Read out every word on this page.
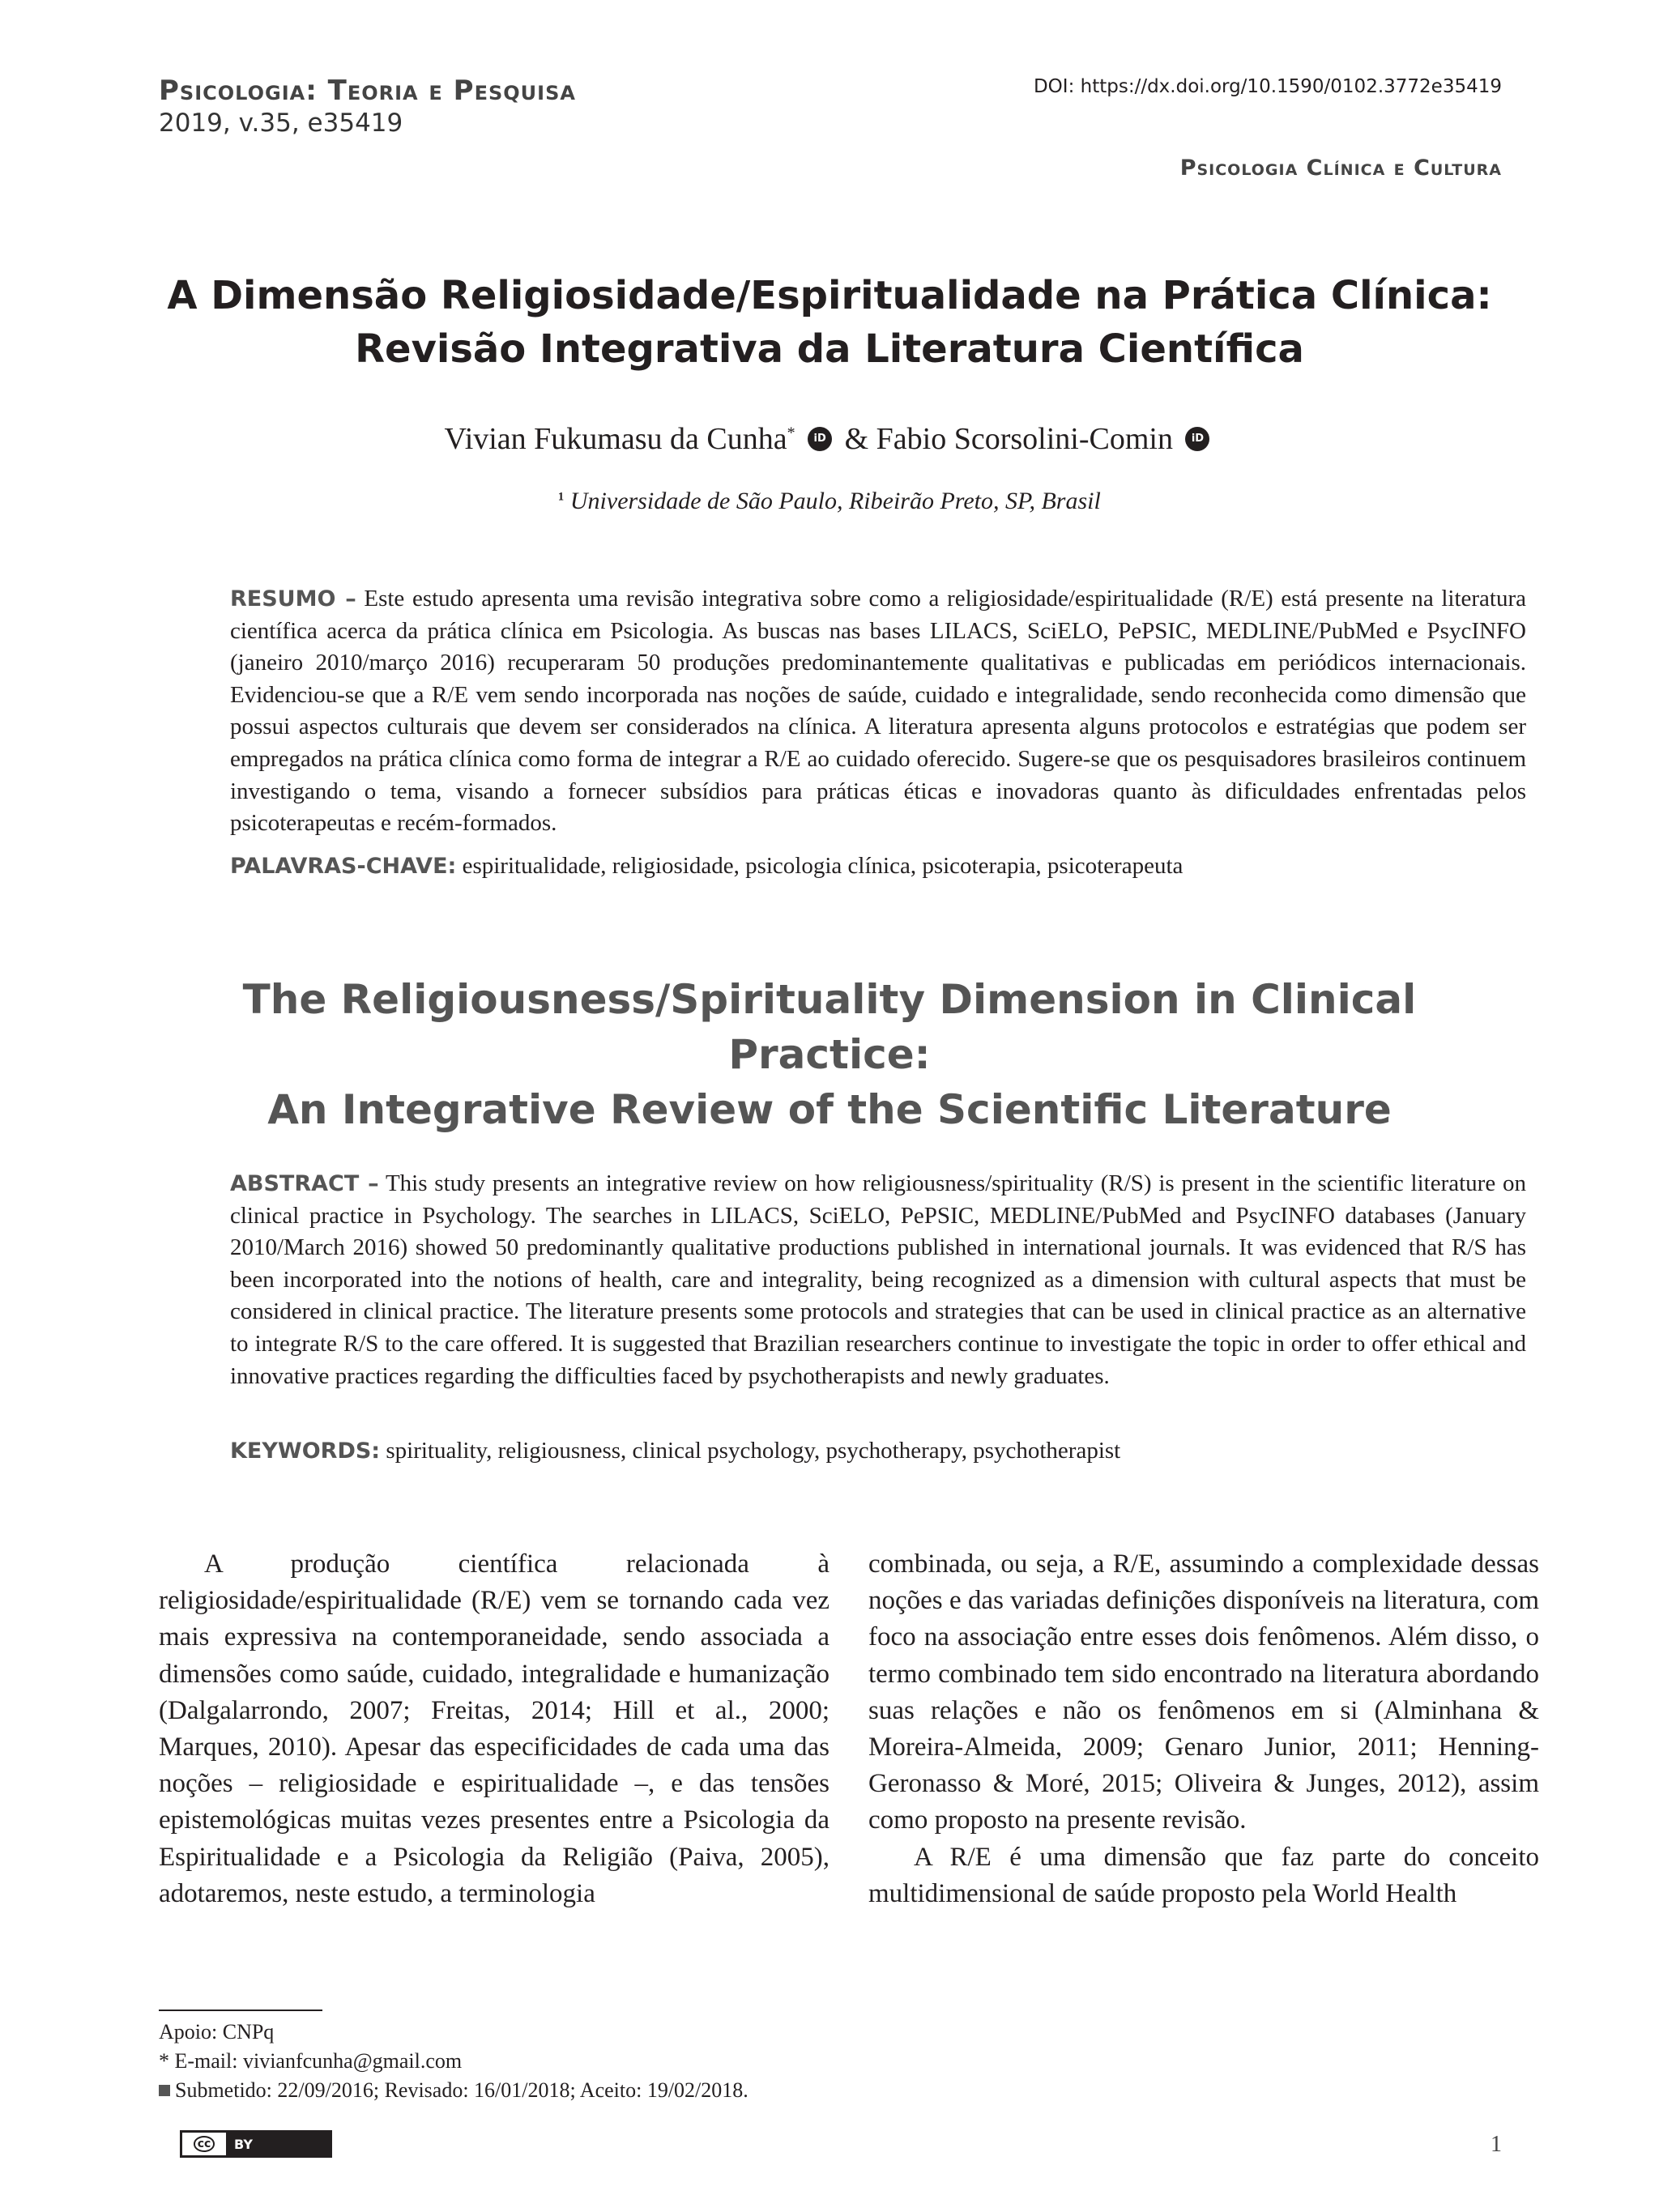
Psicologia: Teoria e Pesquisa
2019, v.35, e35419
DOI: https://dx.doi.org/10.1590/0102.3772e35419
Psicologia Clínica e Cultura
A Dimensão Religiosidade/Espiritualidade na Prática Clínica:
Revisão Integrativa da Literatura Científica
Vivian Fukumasu da Cunha* iD & Fabio Scorsolini-Comin iD
¹ Universidade de São Paulo, Ribeirão Preto, SP, Brasil
RESUMO – Este estudo apresenta uma revisão integrativa sobre como a religiosidade/espiritualidade (R/E) está presente na literatura científica acerca da prática clínica em Psicologia. As buscas nas bases LILACS, SciELO, PePSIC, MEDLINE/PubMed e PsycINFO (janeiro 2010/março 2016) recuperaram 50 produções predominantemente qualitativas e publicadas em periódicos internacionais. Evidenciou-se que a R/E vem sendo incorporada nas noções de saúde, cuidado e integralidade, sendo reconhecida como dimensão que possui aspectos culturais que devem ser considerados na clínica. A literatura apresenta alguns protocolos e estratégias que podem ser empregados na prática clínica como forma de integrar a R/E ao cuidado oferecido. Sugere-se que os pesquisadores brasileiros continuem investigando o tema, visando a fornecer subsídios para práticas éticas e inovadoras quanto às dificuldades enfrentadas pelos psicoterapeutas e recém-formados.
PALAVRAS-CHAVE: espiritualidade, religiosidade, psicologia clínica, psicoterapia, psicoterapeuta
The Religiousness/Spirituality Dimension in Clinical Practice:
An Integrative Review of the Scientific Literature
ABSTRACT – This study presents an integrative review on how religiousness/spirituality (R/S) is present in the scientific literature on clinical practice in Psychology. The searches in LILACS, SciELO, PePSIC, MEDLINE/PubMed and PsycINFO databases (January 2010/March 2016) showed 50 predominantly qualitative productions published in international journals. It was evidenced that R/S has been incorporated into the notions of health, care and integrality, being recognized as a dimension with cultural aspects that must be considered in clinical practice. The literature presents some protocols and strategies that can be used in clinical practice as an alternative to integrate R/S to the care offered. It is suggested that Brazilian researchers continue to investigate the topic in order to offer ethical and innovative practices regarding the difficulties faced by psychotherapists and newly graduates.
KEYWORDS: spirituality, religiousness, clinical psychology, psychotherapy, psychotherapist

A produção científica relacionada à religiosidade/espiritualidade (R/E) vem se tornando cada vez mais expressiva na contemporaneidade, sendo associada a dimensões como saúde, cuidado, integralidade e humanização (Dalgalarrondo, 2007; Freitas, 2014; Hill et al., 2000; Marques, 2010). Apesar das especificidades de cada uma das noções – religiosidade e espiritualidade –, e das tensões epistemológicas muitas vezes presentes entre a Psicologia da Espiritualidade e a Psicologia da Religião (Paiva, 2005), adotaremos, neste estudo, a terminologia

combinada, ou seja, a R/E, assumindo a complexidade dessas noções e das variadas definições disponíveis na literatura, com foco na associação entre esses dois fenômenos. Além disso, o termo combinado tem sido encontrado na literatura abordando suas relações e não os fenômenos em si (Alminhana & Moreira-Almeida, 2009; Genaro Junior, 2011; Henning-Geronasso & Moré, 2015; Oliveira & Junges, 2012), assim como proposto na presente revisão.

A R/E é uma dimensão que faz parte do conceito multidimensional de saúde proposto pela World Health

Apoio: CNPq
* E-mail: vivianfcunha@gmail.com
Submetido: 22/09/2016; Revisado: 16/01/2018; Aceito: 19/02/2018.
cc	BY	1
